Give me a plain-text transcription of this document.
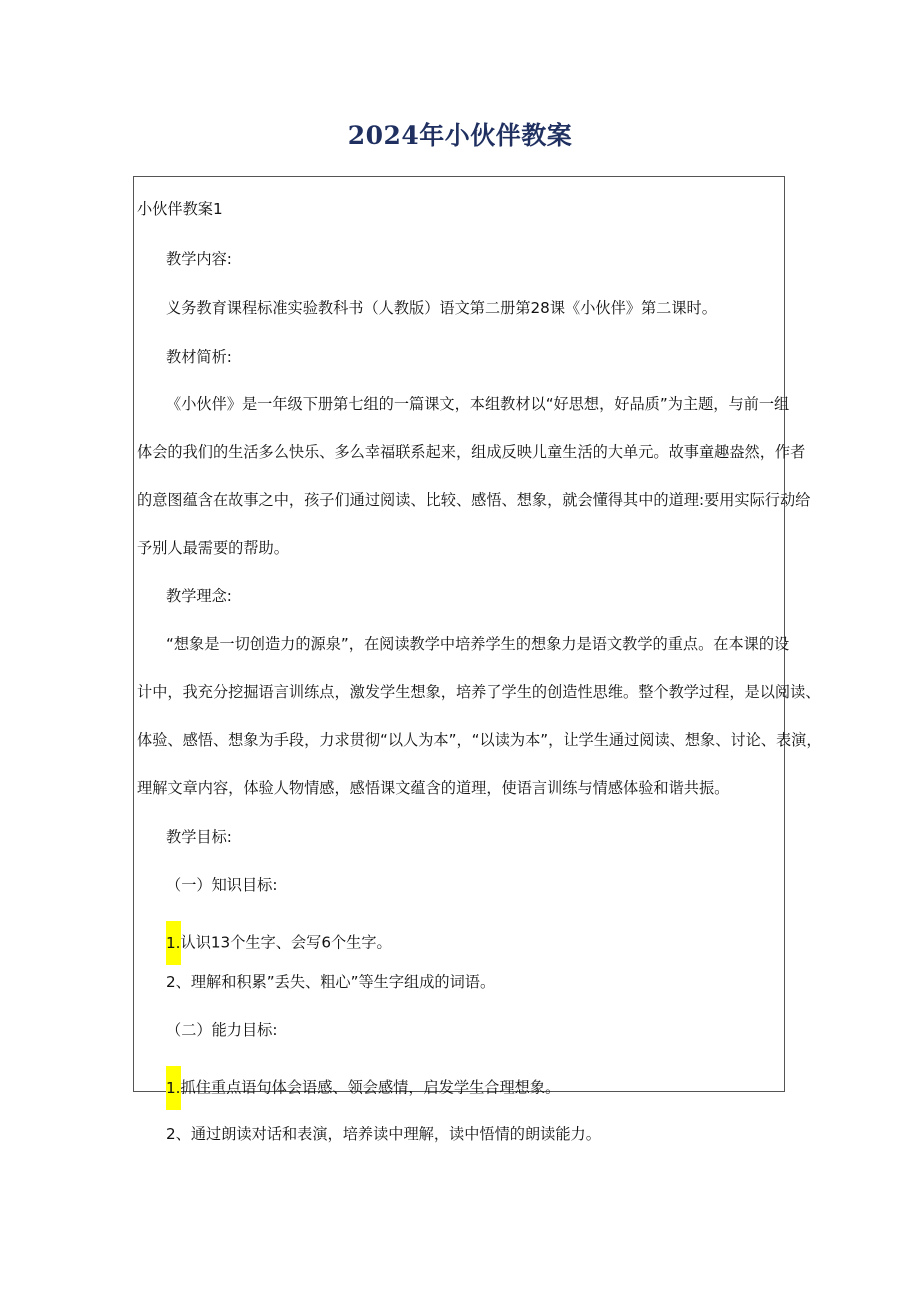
2024年小伙伴教案
小伙伴教案1
教学内容:
义务教育课程标准实验教科书（人教版）语文第二册第28课《小伙伴》第二课时。
教材简析:
《小伙伴》是一年级下册第七组的一篇课文，本组教材以“好思想，好品质”为主题，与前一组
体会的我们的生活多么快乐、多么幸福联系起来，组成反映儿童生活的大单元。故事童趣盎然，作者
的意图蕴含在故事之中，孩子们通过阅读、比较、感悟、想象，就会懂得其中的道理:要用实际行动给
予别人最需要的帮助。
教学理念:
“想象是一切创造力的源泉”，在阅读教学中培养学生的想象力是语文教学的重点。在本课的设
计中，我充分挖掘语言训练点，激发学生想象，培养了学生的创造性思维。整个教学过程，是以阅读、
体验、感悟、想象为手段，力求贯彻“以人为本”，“以读为本”，让学生通过阅读、想象、讨论、表演，
理解文章内容，体验人物情感，感悟课文蕴含的道理，使语言训练与情感体验和谐共振。
教学目标:
（一）知识目标:
1.认识13个生字、会写6个生字。
2、理解和积累”丢失、粗心”等生字组成的词语。
（二）能力目标:
1.抓住重点语句体会语感、领会感情，启发学生合理想象。
2、通过朗读对话和表演，培养读中理解，读中悟情的朗读能力。
